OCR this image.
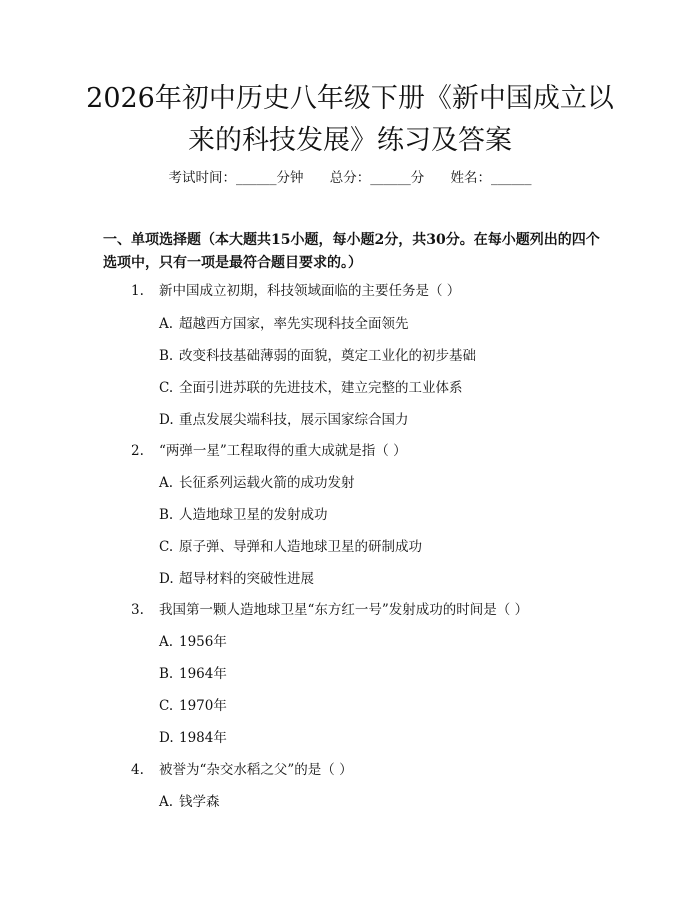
2026年初中历史八年级下册《新中国成立以来的科技发展》练习及答案
考试时间：______分钟 总分：______分 姓名：______

一、单项选择题（本大题共15小题，每小题2分，共30分。在每小题列出的四个选项中，只有一项是最符合题目要求的。）

1. 新中国成立初期，科技领域面临的主要任务是（ ）
A. 超越西方国家，率先实现科技全面领先
B. 改变科技基础薄弱的面貌，奠定工业化的初步基础
C. 全面引进苏联的先进技术，建立完整的工业体系
D. 重点发展尖端科技，展示国家综合国力
2. “两弹一星”工程取得的重大成就是指（ ）
A. 长征系列运载火箭的成功发射
B. 人造地球卫星的发射成功
C. 原子弹、导弹和人造地球卫星的研制成功
D. 超导材料的突破性进展
3. 我国第一颗人造地球卫星“东方红一号”发射成功的时间是（ ）
A. 1956年
B. 1964年
C. 1970年
D. 1984年
4. 被誉为“杂交水稻之父”的是（ ）
A. 钱学森
